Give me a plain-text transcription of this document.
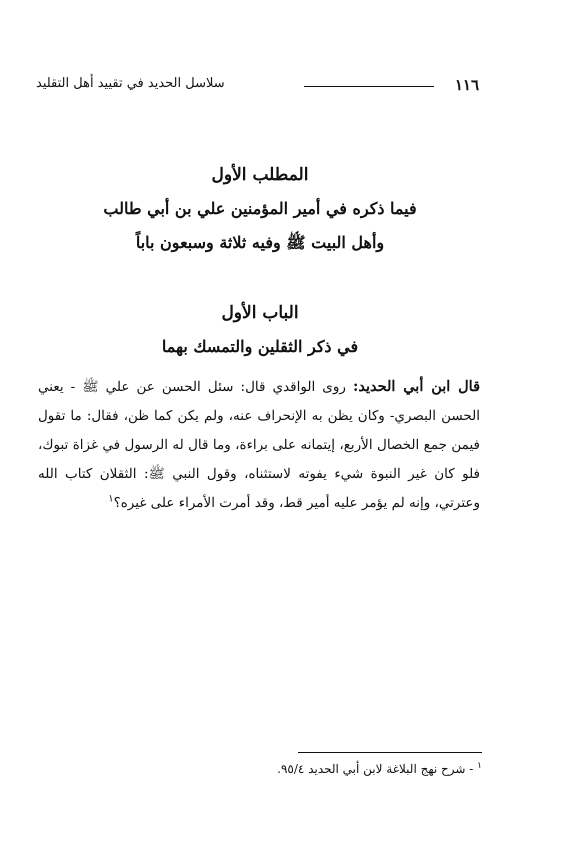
١١٦
سلاسل الحديد في تقييد أهل التقليد
المطلب الأول
فيما ذكره في أمير المؤمنين علي بن أبي طالب
وأهل البيت ﷺ وفيه ثلاثة وسبعون باباً
الباب الأول
في ذكر الثقلين والتمسك بهما
قال ابن أبي الحديد: روى الواقدي قال: سئل الحسن عن علي ﷺ - يعني الحسن البصري- وكان يظن به الإنحراف عنه، ولم يكن كما ظن، فقال: ما تقول فيمن جمع الخصال الأربع، إيتمانه على براءة، وما قال له الرسول في غزاة تبوك، فلو كان غير النبوة شيء يفوته لاستثناه، وقول النبي ﷺ: الثقلان كتاب الله وعترتي، وإنه لم يؤمر عليه أمير قط، وقد أمرت الأمراء على غيره؟$^١$
$^١$ - شرح نهج البلاغة لابن أبي الحديد ٩٥/٤.
